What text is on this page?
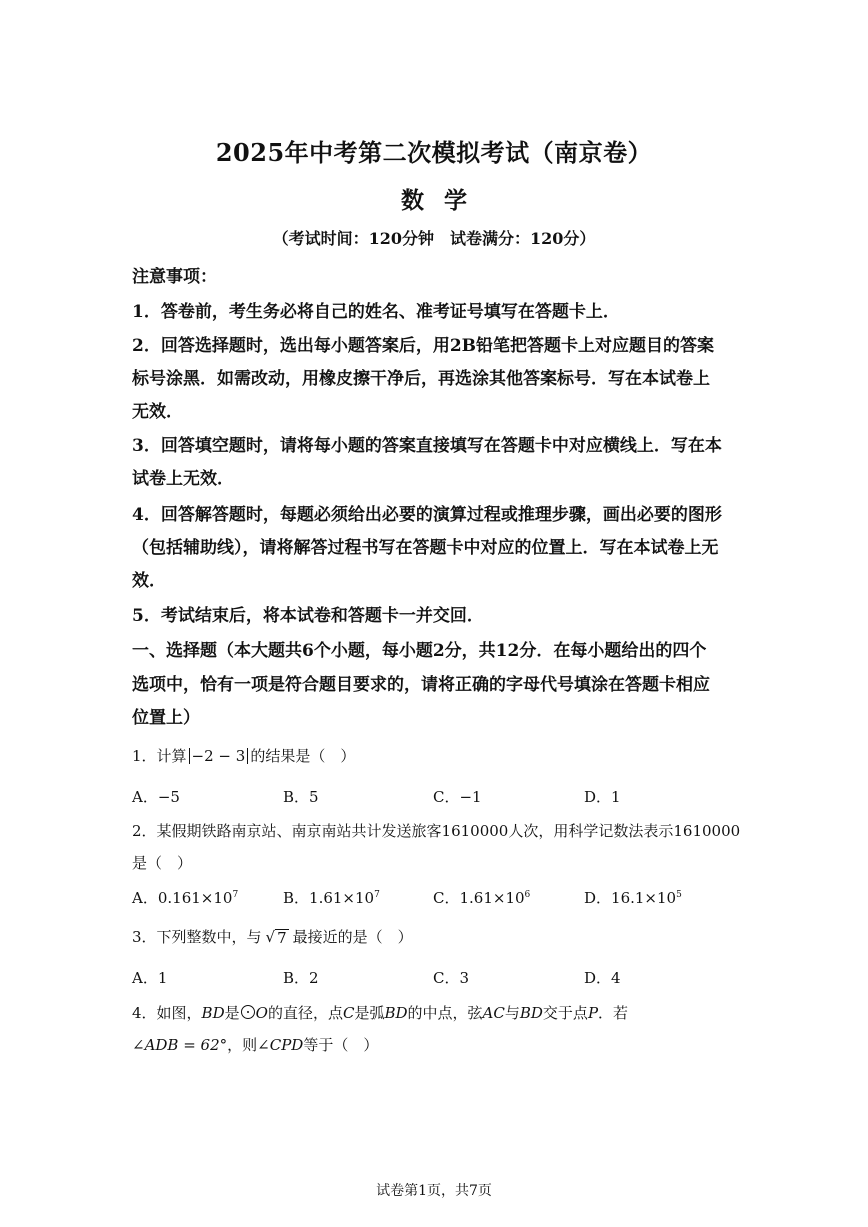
2025年中考第二次模拟考试（南京卷）
数学
（考试时间：120分钟　试卷满分：120分）
注意事项：
1．答卷前，考生务必将自己的姓名、准考证号填写在答题卡上．
2．回答选择题时，选出每小题答案后，用2B铅笔把答题卡上对应题目的答案
标号涂黑．如需改动，用橡皮擦干净后，再选涂其他答案标号．写在本试卷上
无效．
3．回答填空题时，请将每小题的答案直接填写在答题卡中对应横线上．写在本
试卷上无效．
4．回答解答题时，每题必须给出必要的演算过程或推理步骤，画出必要的图形
（包括辅助线），请将解答过程书写在答题卡中对应的位置上．写在本试卷上无
效．
5．考试结束后，将本试卷和答题卡一并交回．
一、选择题（本大题共6个小题，每小题2分，共12分．在每小题给出的四个
选项中，恰有一项是符合题目要求的，请将正确的字母代号填涂在答题卡相应
位置上）
1．计算 −2 − 3 的结果是（　）
A．−5	B．5	C．−1	D．1
2．某假期铁路南京站、南京南站共计发送旅客1610000人次，用科学记数法表示1610000
是（　）
A．$0.161\times 10^7$	B．$1.61\times 10^7$	C．$1.61\times 10^6$	D．$16.1\times 10^5$
3．下列整数中，与 √ 7 最接近的是（　）
A．1	B．2	C．3	D．4
4．如图，BD是 O的直径，点C是弧BD的中点，弦AC与BD交于点P．若
∠ADB = 62°，则∠CPD等于（　）
试卷第1页，共7页
